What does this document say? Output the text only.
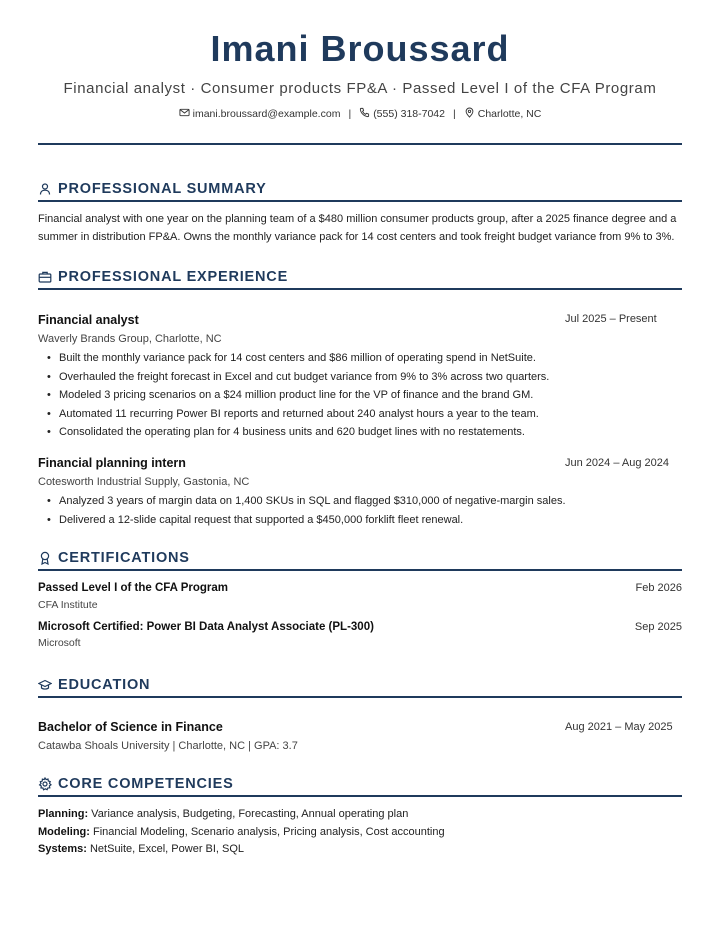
Imani Broussard
Financial analyst · Consumer products FP&A · Passed Level I of the CFA Program
imani.broussard@example.com | (555) 318-7042 | Charlotte, NC
PROFESSIONAL SUMMARY
Financial analyst with one year on the planning team of a $480 million consumer products group, after a 2025 finance degree and a summer in distribution FP&A. Owns the monthly variance pack for 14 cost centers and took freight budget variance from 9% to 3%.
PROFESSIONAL EXPERIENCE
Financial analyst	Jul 2025 – Present
Waverly Brands Group, Charlotte, NC
• Built the monthly variance pack for 14 cost centers and $86 million of operating spend in NetSuite.
• Overhauled the freight forecast in Excel and cut budget variance from 9% to 3% across two quarters.
• Modeled 3 pricing scenarios on a $24 million product line for the VP of finance and the brand GM.
• Automated 11 recurring Power BI reports and returned about 240 analyst hours a year to the team.
• Consolidated the operating plan for 4 business units and 620 budget lines with no restatements.
Financial planning intern	Jun 2024 – Aug 2024
Cotesworth Industrial Supply, Gastonia, NC
• Analyzed 3 years of margin data on 1,400 SKUs in SQL and flagged $310,000 of negative-margin sales.
• Delivered a 12-slide capital request that supported a $450,000 forklift fleet renewal.
CERTIFICATIONS
Passed Level I of the CFA Program	Feb 2026
CFA Institute
Microsoft Certified: Power BI Data Analyst Associate (PL-300)	Sep 2025
Microsoft
EDUCATION
Bachelor of Science in Finance	Aug 2021 – May 2025
Catawba Shoals University | Charlotte, NC | GPA: 3.7
CORE COMPETENCIES
Planning: Variance analysis, Budgeting, Forecasting, Annual operating plan
Modeling: Financial Modeling, Scenario analysis, Pricing analysis, Cost accounting
Systems: NetSuite, Excel, Power BI, SQL
